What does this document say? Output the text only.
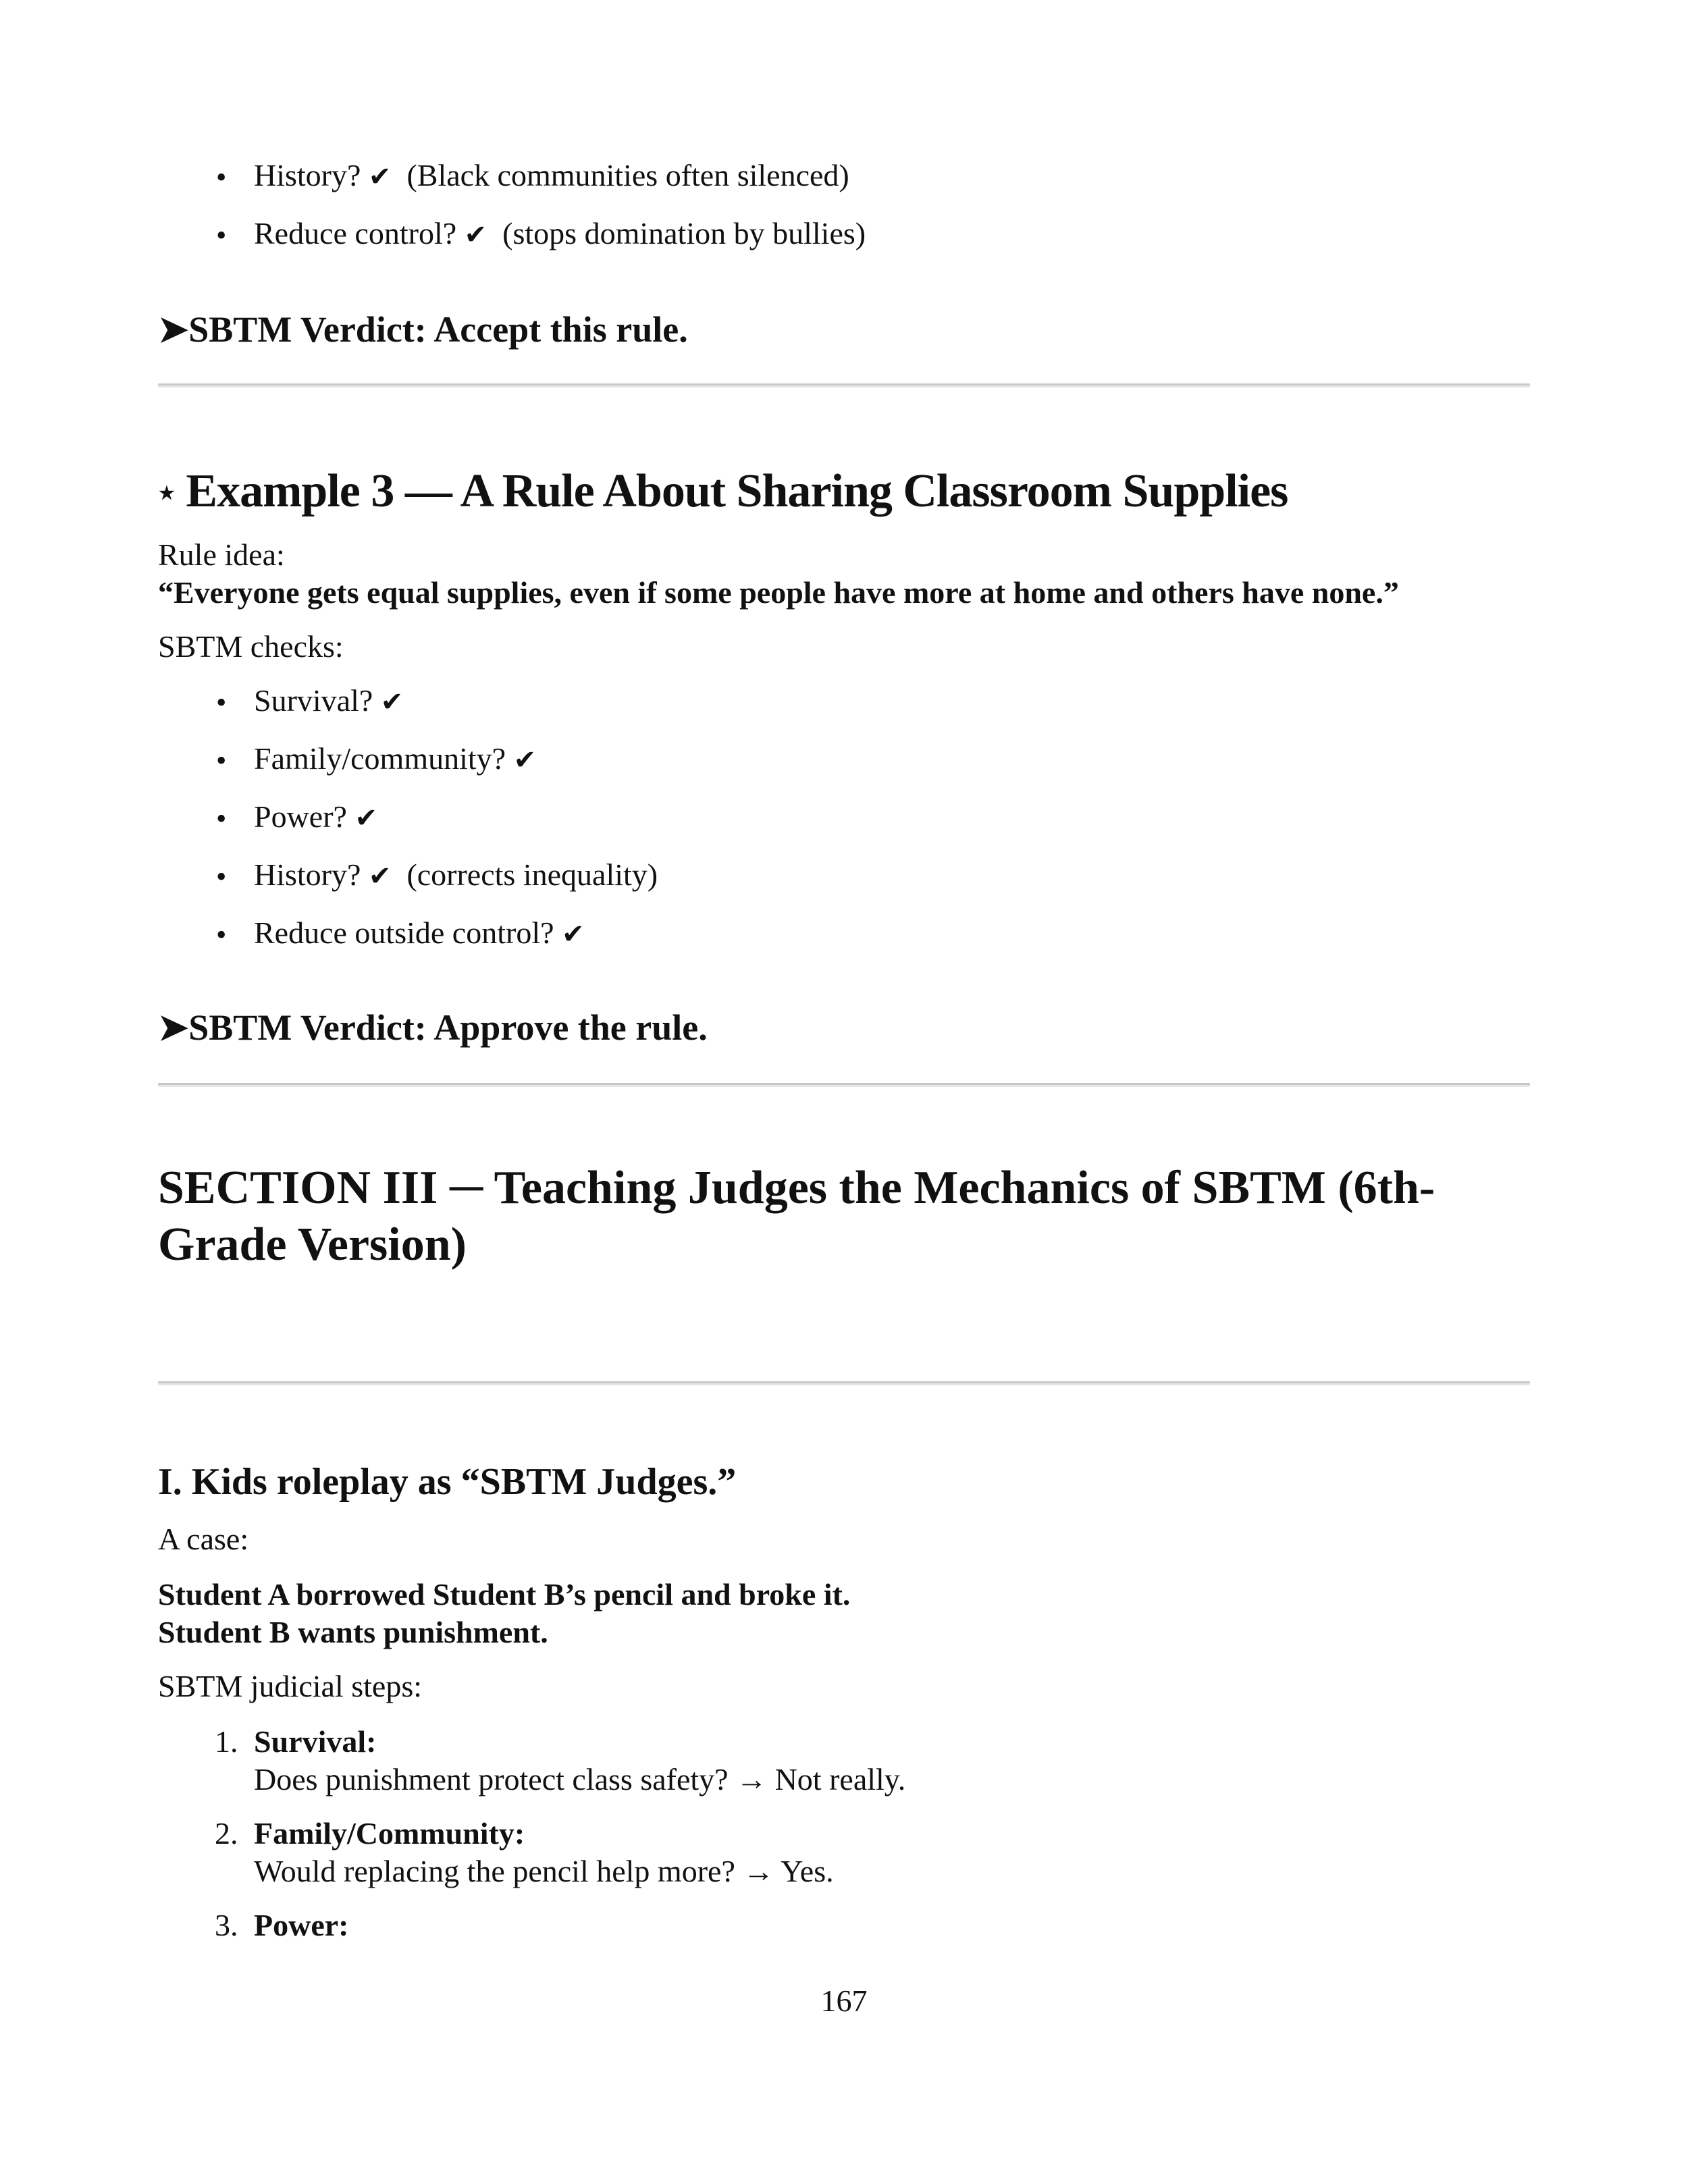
• History? ✔ (Black communities often silenced)
• Reduce control? ✔ (stops domination by bullies)
➤SBTM Verdict: Accept this rule.
⭑ Example 3 — A Rule About Sharing Classroom Supplies
Rule idea:
“Everyone gets equal supplies, even if some people have more at home and others have none.”
SBTM checks:
• Survival? ✔
• Family/community? ✔
• Power? ✔
• History? ✔ (corrects inequality)
• Reduce outside control? ✔
➤SBTM Verdict: Approve the rule.
SECTION III ─ Teaching Judges the Mechanics of SBTM (6th-Grade Version)
I. Kids roleplay as “SBTM Judges.”
A case:
Student A borrowed Student B’s pencil and broke it.
Student B wants punishment.
SBTM judicial steps:
1. Survival:
Does punishment protect class safety? → Not really.
2. Family/Community:
Would replacing the pencil help more? → Yes.
3. Power:
167
